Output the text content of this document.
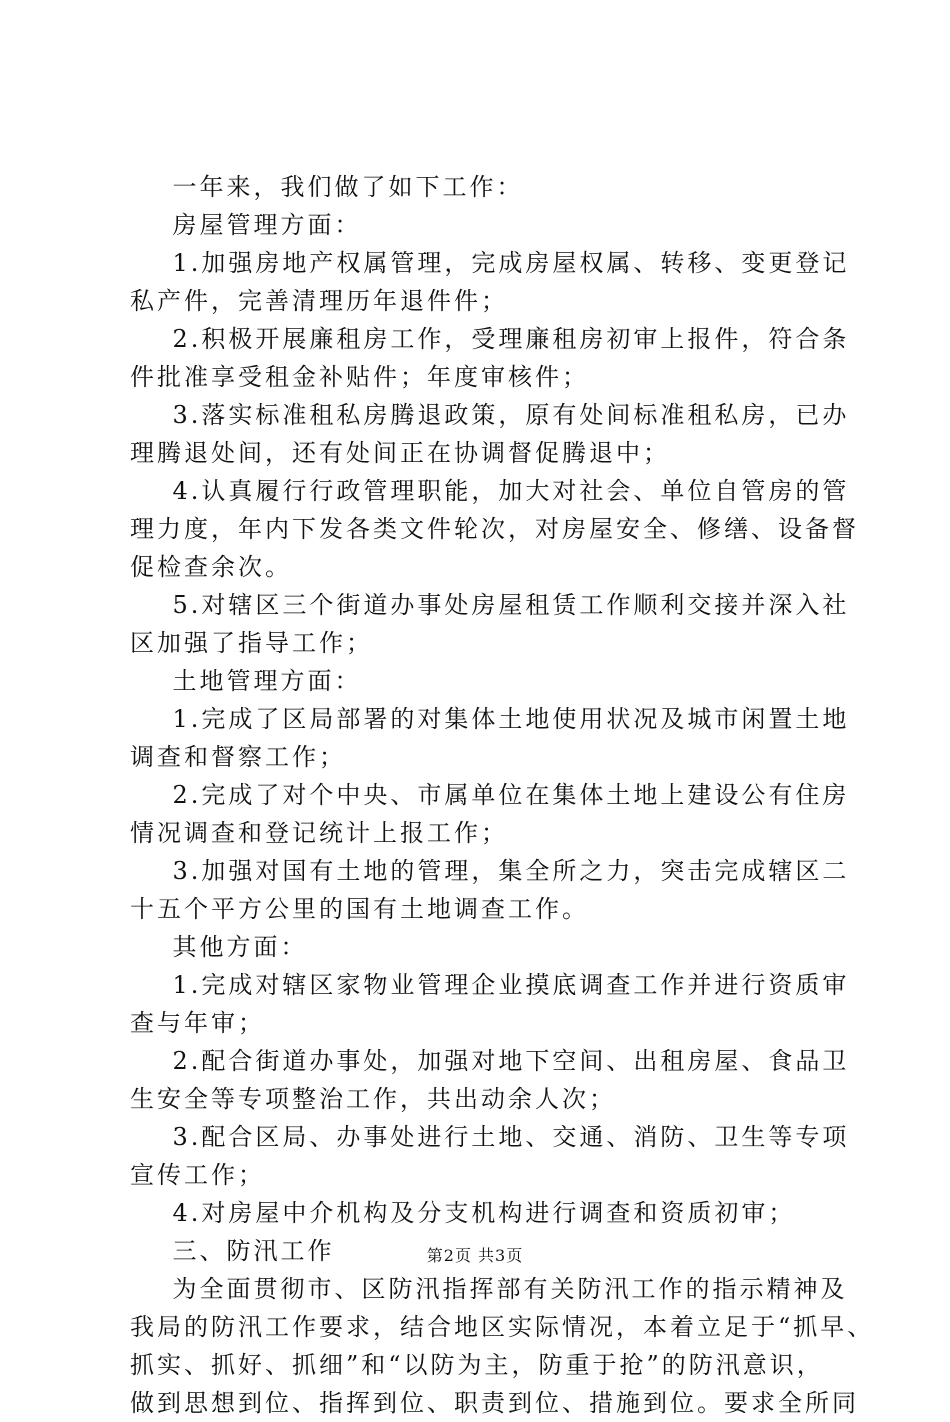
一年来，我们做了如下工作：
房屋管理方面：
1.加强房地产权属管理，完成房屋权属、转移、变更登记
私产件，完善清理历年退件件；
2.积极开展廉租房工作，受理廉租房初审上报件，符合条
件批准享受租金补贴件；年度审核件；
3.落实标准租私房腾退政策，原有处间标准租私房，已办
理腾退处间，还有处间正在协调督促腾退中；
4.认真履行行政管理职能，加大对社会、单位自管房的管
理力度，年内下发各类文件轮次，对房屋安全、修缮、设备督
促检查余次。
5.对辖区三个街道办事处房屋租赁工作顺利交接并深入社
区加强了指导工作；
土地管理方面：
1.完成了区局部署的对集体土地使用状况及城市闲置土地
调查和督察工作；
2.完成了对个中央、市属单位在集体土地上建设公有住房
情况调查和登记统计上报工作；
3.加强对国有土地的管理，集全所之力，突击完成辖区二
十五个平方公里的国有土地调查工作。
其他方面：
1.完成对辖区家物业管理企业摸底调查工作并进行资质审
查与年审；
2.配合街道办事处，加强对地下空间、出租房屋、食品卫
生安全等专项整治工作，共出动余人次；
3.配合区局、办事处进行土地、交通、消防、卫生等专项
宣传工作；
4.对房屋中介机构及分支机构进行调查和资质初审；
三、防汛工作
为全面贯彻市、区防汛指挥部有关防汛工作的指示精神及
我局的防汛工作要求，结合地区实际情况，本着立足于“抓早、
抓实、抓好、抓细”和“以防为主，防重于抢”的防汛意识，
做到思想到位、指挥到位、职责到位、措施到位。要求全所同
第2页 共3页
